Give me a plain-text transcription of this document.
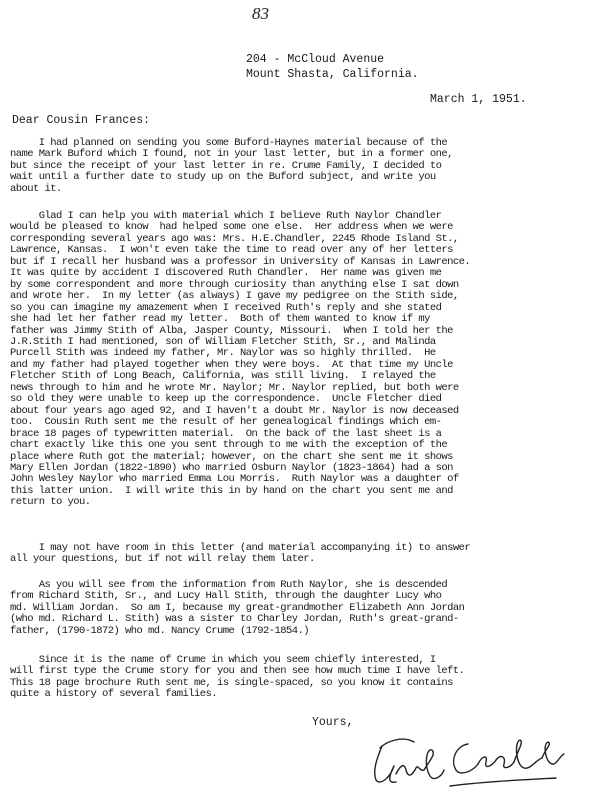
83
204 - McCloud Avenue
Mount Shasta, California.
March 1, 1951.
Dear Cousin Frances:

I had planned on sending you some Buford-Haynes material because of the
name Mark Buford which I found, not in your last letter, but in a former one,
but since the receipt of your last letter in re. Crume Family, I decided to
wait until a further date to study up on the Buford subject, and write you
about it.

Glad I can help you with material which I believe Ruth Naylor Chandler
would be pleased to know  had helped some one else.  Her address when we were
corresponding several years ago was: Mrs. H.E.Chandler, 2245 Rhode Island St.,
Lawrence, Kansas.  I won't even take the time to read over any of her letters
but if I recall her husband was a professor in University of Kansas in Lawrence.
It was quite by accident I discovered Ruth Chandler.  Her name was given me
by some correspondent and more through curiosity than anything else I sat down
and wrote her.  In my letter (as always) I gave my pedigree on the Stith side,
so you can imagine my amazement when I received Ruth's reply and she stated
she had let her father read my letter.  Both of them wanted to know if my
father was Jimmy Stith of Alba, Jasper County, Missouri.  When I told her the
J.R.Stith I had mentioned, son of William Fletcher Stith, Sr., and Malinda
Purcell Stith was indeed my father, Mr. Naylor was so highly thrilled.  He
and my father had played together when they were boys.  At that time my Uncle
Fletcher Stith of Long Beach, California, was still living.  I relayed the
news through to him and he wrote Mr. Naylor; Mr. Naylor replied, but both were
so old they were unable to keep up the correspondence.  Uncle Fletcher died
about four years ago aged 92, and I haven't a doubt Mr. Naylor is now deceased
too.  Cousin Ruth sent me the result of her genealogical findings which em-
brace 18 pages of typewritten material.  On the back of the last sheet is a
chart exactly like this one you sent through to me with the exception of the
place where Ruth got the material; however, on the chart she sent me it shows
Mary Ellen Jordan (1822-1890) who married Osburn Naylor (1823-1864) had a son
John Wesley Naylor who married Emma Lou Morris.  Ruth Naylor was a daughter of
this latter union.  I will write this in by hand on the chart you sent me and
return to you.

I may not have room in this letter (and material accompanying it) to answer
all your questions, but if not will relay them later.

As you will see from the information from Ruth Naylor, she is descended
from Richard Stith, Sr., and Lucy Hall Stith, through the daughter Lucy who
md. William Jordan.  So am I, because my great-grandmother Elizabeth Ann Jordan
(who md. Richard L. Stith) was a sister to Charley Jordan, Ruth's great-grand-
father, (1790-1872) who md. Nancy Crume (1792-1854.)

Since it is the name of Crume in which you seem chiefly interested, I
will first type the Crume story for you and then see how much time I have left.
This 18 page brochure Ruth sent me, is single-spaced, so you know it contains
quite a history of several families.

Yours,
